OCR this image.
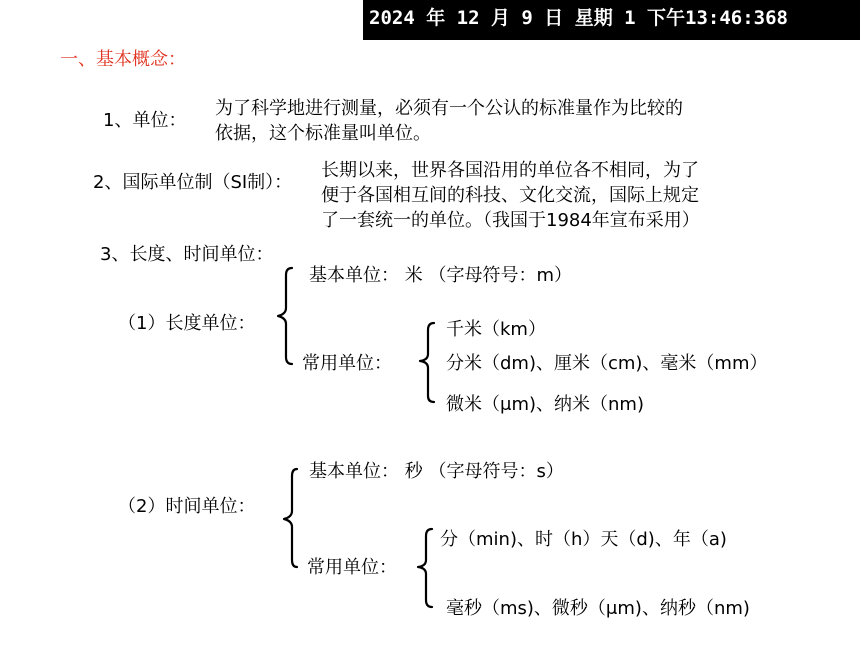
2024 年 12 月 9 日 星期 1 下午13:46:368
一、基本概念：
1、单位：
为了科学地进行测量，必须有一个公认的标准量作为比较的
依据，这个标准量叫单位。
2、国际单位制（SI制）：
长期以来，世界各国沿用的单位各不相同，为了
便于各国相互间的科技、文化交流，国际上规定
了一套统一的单位。（我国于1984年宣布采用）
3、长度、时间单位：
（1）长度单位：
基本单位： 米 （字母符号：m）
常用单位：
千米（km）
分米（dm)、厘米（cm)、毫米（mm）
微米（μm)、纳米（nm)
（2）时间单位：
基本单位： 秒 （字母符号：s）
常用单位：
分（min)、时（h）天（d)、年（a)
毫秒（ms)、微秒（μm)、纳秒（nm)
